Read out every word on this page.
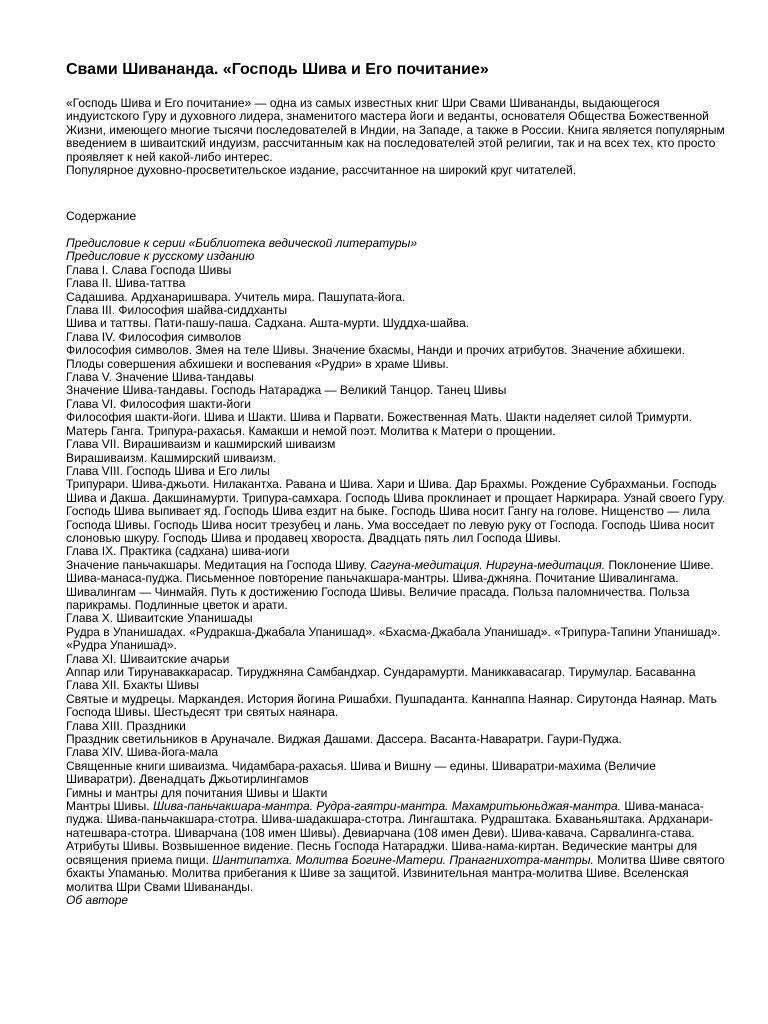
Свами Шивананда. «Господь Шива и Его почитание»

«Господь Шива и Его почитание» — одна из самых известных книг Шри Свами Шивананды, выдающегося индуистского Гуру и духовного лидера, знаменитого мастера йоги и веданты, основателя Общества Божественной Жизни, имеющего многие тысячи последователей в Индии, на Западе, а также в России. Книга является популярным введением в шиваитский индуизм, рассчитанным как на последователей этой религии, так и на всех тех, кто просто проявляет к ней какой-либо интерес.

Популярное духовно-просветительское издание, рассчитанное на широкий круг читателей.

Содержание
Предисловие к серии «Библиотека ведической литературы»
Предисловие к русскому изданию
Глава I. Слава Господа Шивы
Глава II. Шива-таттва
Садашива. Ардханаришвара. Учитель мира. Пашупата-йога.
Глава III. Философия шайва-сиддханты
Шива и таттвы. Пати-пашу-паша. Садхана. Ашта-мурти. Шуддха-шайва.
Глава IV. Философия символов
Философия символов. Змея на теле Шивы. Значение бхасмы, Нанди и прочих атрибутов. Значение абхишеки. Плоды совершения абхишеки и воспевания «Рудри» в храме Шивы.
Глава V. Значение Шива-тандавы
Значение Шива-тандавы. Господь Натараджа — Великий Танцор. Танец Шивы
Глава VI. Философия шакти-йоги
Философия шакти-йоги. Шива и Шакти. Шива и Парвати. Божественная Мать. Шакти наделяет силой Тримурти. Матерь Ганга. Трипура-рахасья. Камакши и немой поэт. Молитва к Матери о прощении.
Глава VII. Вирашиваизм и кашмирский шиваизм
Вирашиваизм. Кашмирский шиваизм.
Глава VIII. Господь Шива и Его лилы
Трипурари. Шива-джьоти. Нилакантха. Равана и Шива. Хари и Шива. Дар Брахмы. Рождение Субрахманьи. Господь Шива и Дакша. Дакшинамурти. Трипура-самхара. Господь Шива проклинает и прощает Наркирара. Узнай своего Гуру. Господь Шива выпивает яд. Господь Шива ездит на быке. Господь Шива носит Гангу на голове. Нищенство — лила Господа Шивы. Господь Шива носит трезубец и лань. Ума восседает по левую руку от Господа. Господь Шива носит слоновью шкуру. Господь Шива и продавец хвороста. Двадцать пять лил Господа Шивы.
Глава IX. Практика (садхана) шива-иоги
Значение паньчакшары. Медитация на Господа Шиву. Сагуна-медитация. Ниргуна-медитация. Поклонение Шиве. Шива-манаса-пуджа. Письменное повторение паньчакшара-мантры. Шива-джняна. Почитание Шивалингама. Шивалингам — Чинмайя. Путь к достижению Господа Шивы. Величие прасада. Польза паломничества. Польза парикрамы. Подлинные цветок и арати.
Глава X. Шиваитские Упанишады
Рудра в Упанишадах. «Рудракша-Джабала Упанишад». «Бхасма-Джабала Упанишад». «Трипура-Тапини Упанишад». «Рудра Упанишад».
Глава XI. Шиваитские ачарьи
Аппар или Тирунаваккарасар. Тируджняна Самбандхар. Сундарамурти. Маниккавасагар. Тирумулар. Басаванна
Глава XII. Бхакты Шивы
Святые и мудрецы. Маркандея. История йогина Ришабхи. Пушпаданта. Каннаппа Наянар. Сирутонда Наянар. Мать Господа Шивы. Шестьдесят три святых наянара.
Глава XIII. Праздники
Праздник светильников в Аруначале. Виджая Дашами. Дассера. Васанта-Наваратри. Гаури-Пуджа.
Глава XIV. Шива-йога-мала
Священные книги шиваизма. Чидамбара-рахасья. Шива и Вишну — едины. Шиваратри-махима (Величие Шиваратри). Двенадцать Джьотирлингамов
Гимны и мантры для почитания Шивы и Шакти
Мантры Шивы. Шива-паньчакшара-мантра. Рудра-гаятри-мантра. Махамритьюньджая-мантра. Шива-манаса-пуджа. Шива-паньчакшара-стотра. Шива-шадакшара-стотра. Лингаштака. Рудраштака. Бхаваньяштака. Ардханари-натешвара-стотра. Шиварчана (108 имен Шивы). Девиарчана (108 имен Деви). Шива-кавача. Сарвалинга-става. Атрибуты Шивы. Возвышенное видение. Песнь Господа Натараджи. Шива-нама-киртан. Ведические мантры для освящения приема пищи. Шантипатха. Молитва Богине-Матери. Пранагнихотра-мантры. Молитва Шиве святого бхакты Упаманью. Молитва прибегания к Шиве за защитой. Извинительная мантра-молитва Шиве. Вселенская молитва Шри Свами Шивананды.
Об авторе
